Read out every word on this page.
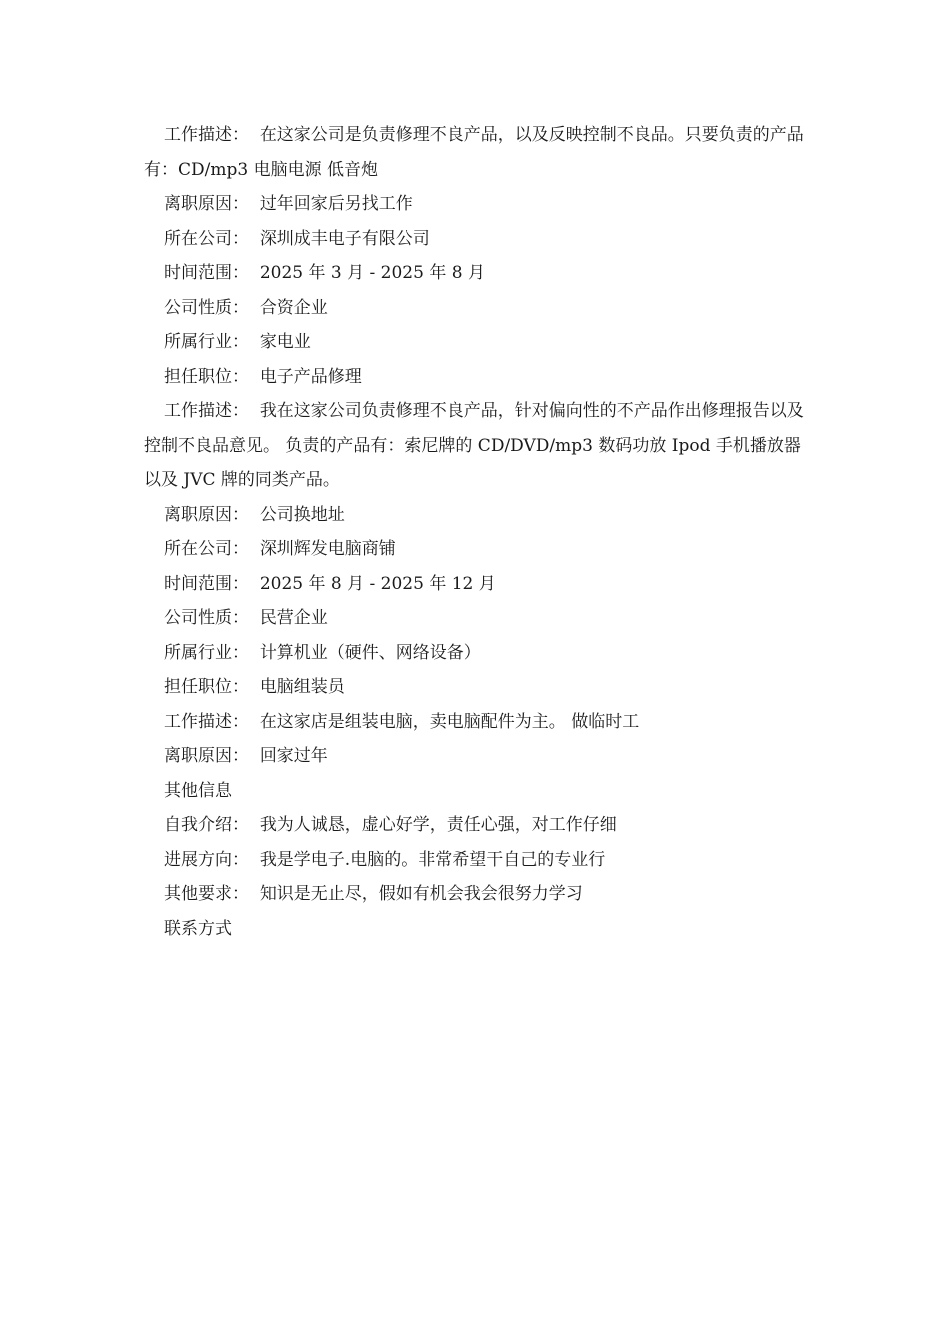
工作描述： 在这家公司是负责修理不良产品，以及反映控制不良品。只要负责的产品有：CD/mp3 电脑电源 低音炮

离职原因： 过年回家后另找工作

所在公司： 深圳成丰电子有限公司

时间范围： 2025 年 3 月 - 2025 年 8 月

公司性质： 合资企业

所属行业： 家电业

担任职位： 电子产品修理

工作描述： 我在这家公司负责修理不良产品，针对偏向性的不产品作出修理报告以及控制不良品意见。 负责的产品有：索尼牌的 CD/DVD/mp3 数码功放 Ipod 手机播放器 以及 JVC 牌的同类产品。

离职原因： 公司换地址

所在公司： 深圳辉发电脑商铺

时间范围： 2025 年 8 月 - 2025 年 12 月

公司性质： 民营企业

所属行业： 计算机业（硬件、网络设备）

担任职位： 电脑组装员

工作描述： 在这家店是组装电脑，卖电脑配件为主。 做临时工

离职原因： 回家过年

其他信息

自我介绍： 我为人诚恳，虚心好学，责任心强，对工作仔细

进展方向： 我是学电子.电脑的。非常希望干自己的专业行

其他要求： 知识是无止尽，假如有机会我会很努力学习

联系方式
